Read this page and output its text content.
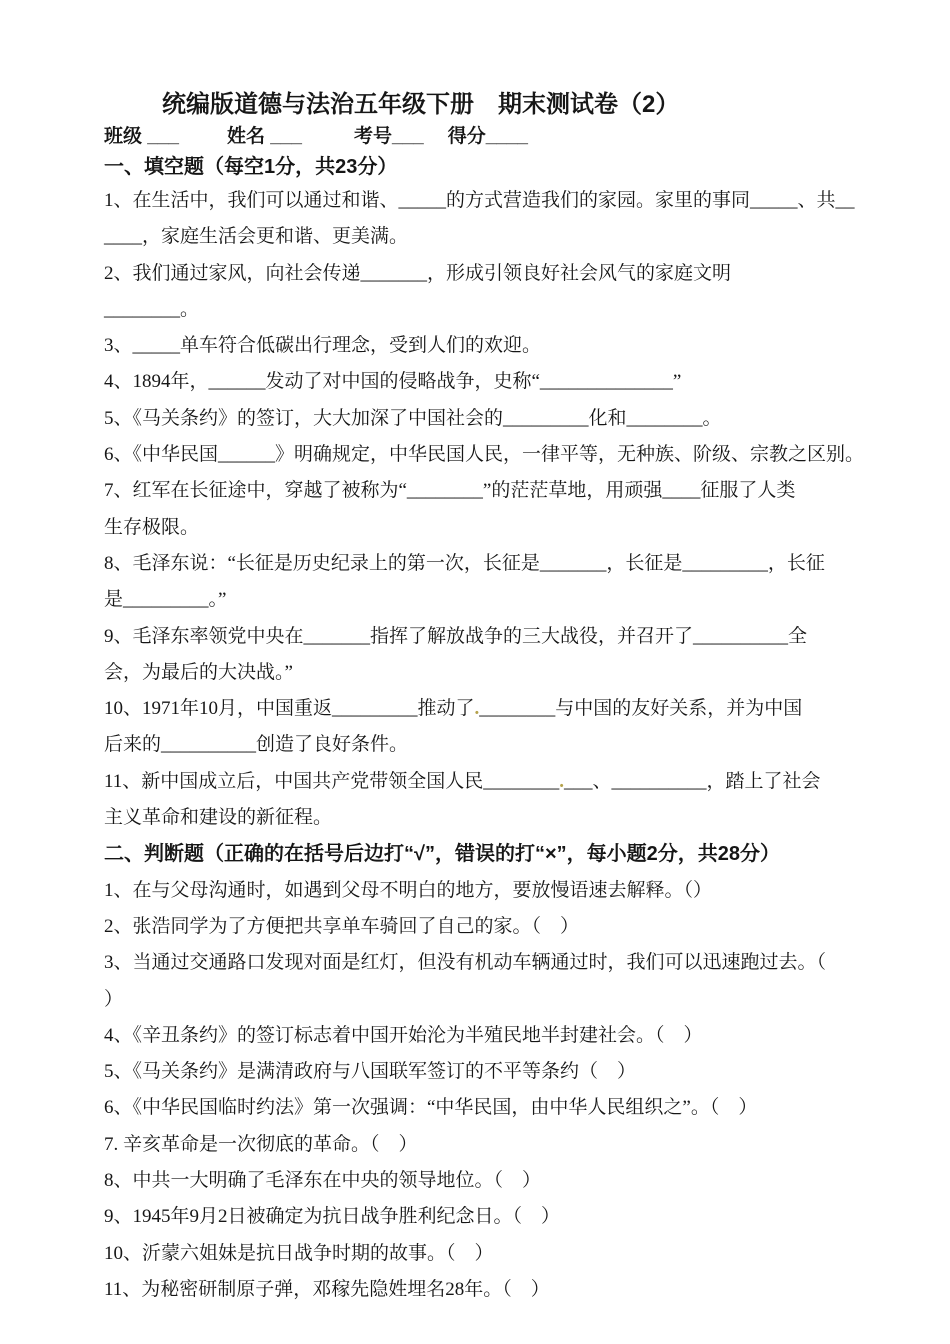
统编版道德与法治五年级下册　期末测试卷（2）
班级 ___	姓名 ___	考号 ___ 得分 ____
一、填空题（每空1分，共23分）
1、在生活中，我们可以通过和谐、_____的方式营造我们的家园。家里的事同_____、共__
____，家庭生活会更和谐、更美满。
2、我们通过家风，向社会传递_______，形成引领良好社会风气的家庭文明
________。
3、_____单车符合低碳出行理念，受到人们的欢迎。
4、1894年，______发动了对中国的侵略战争，史称“______________”
5、《马关条约》的签订，大大加深了中国社会的_________化和________。
6、《中华民国______》明确规定，中华民国人民，一律平等，无种族、阶级、宗教之区别。
7、红军在长征途中，穿越了被称为“________”的茫茫草地，用顽强____征服了人类
生存极限。
8、毛泽东说：“长征是历史纪录上的第一次，长征是_______，长征是_________，长征
是_________。”
9、毛泽东率领党中央在_______指挥了解放战争的三大战役，并召开了__________全
会，为最后的大决战。”
10、1971年10月，中国重返_________推动了.________与中国的友好关系，并为中国
后来的__________创造了良好条件。
11、新中国成立后，中国共产党带领全国人民________.___、__________，踏上了社会
主义革命和建设的新征程。
二、判断题（正确的在括号后边打“√”，错误的打“×”，每小题2分，共28分）
1、在与父母沟通时，如遇到父母不明白的地方，要放慢语速去解释。（）
2、张浩同学为了方便把共享单车骑回了自己的家。（　）
3、当通过交通路口发现对面是红灯，但没有机动车辆通过时，我们可以迅速跑过去。（
）
4、《辛丑条约》的签订标志着中国开始沦为半殖民地半封建社会。（　）
5、《马关条约》是满清政府与八国联军签订的不平等条约（　）
6、《中华民国临时约法》第一次强调：“中华民国，由中华人民组织之”。（　）
7. 辛亥革命是一次彻底的革命。（　）
8、中共一大明确了毛泽东在中央的领导地位。（　）
9、1945年9月2日被确定为抗日战争胜利纪念日。（　）
10、沂蒙六姐妹是抗日战争时期的故事。（　）
11、为秘密研制原子弹，邓稼先隐姓埋名28年。（　）
